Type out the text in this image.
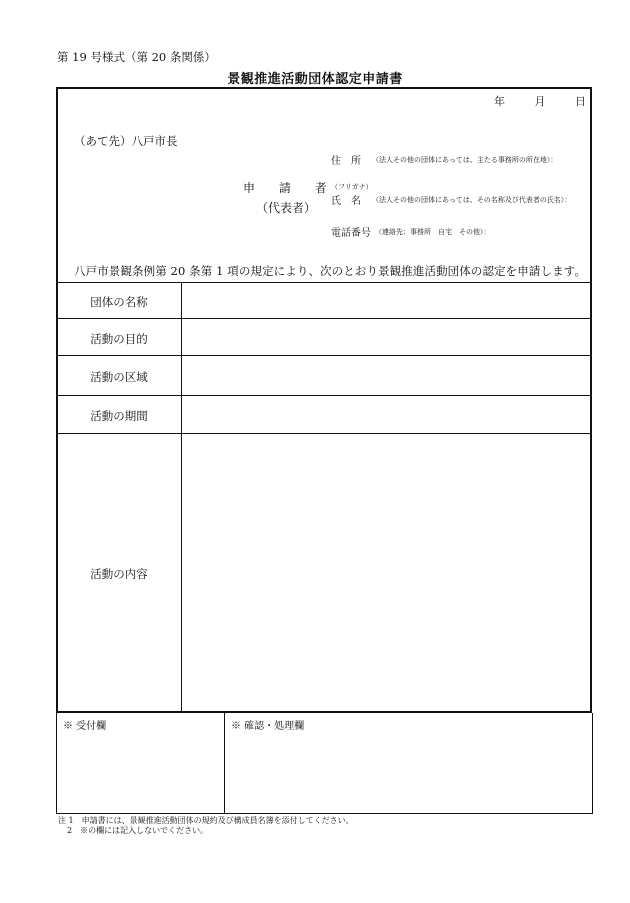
第 19 号様式（第 20 条関係）
景観推進活動団体認定申請書
年	月	日
（あて先）八戸市長
申 請 者
（代表者）
住　所 （法人その他の団体にあっては、主たる事務所の所在地）：
（フリガナ）
氏　名 （法人その他の団体にあっては、その名称及び代表者の氏名）：
電話番号 （連絡先：事務所　自宅　その他）：
八戸市景観条例第 20 条第 1 項の規定により、次のとおり景観推進活動団体の認定を申請します。
団体の名称
活動の目的
活動の区域
活動の期間
活動の内容
※ 受付欄	※ 確認・処理欄
注 1　申請書には、景観推進活動団体の規約及び構成員名簿を添付してください。
2　※の欄には記入しないでください。
